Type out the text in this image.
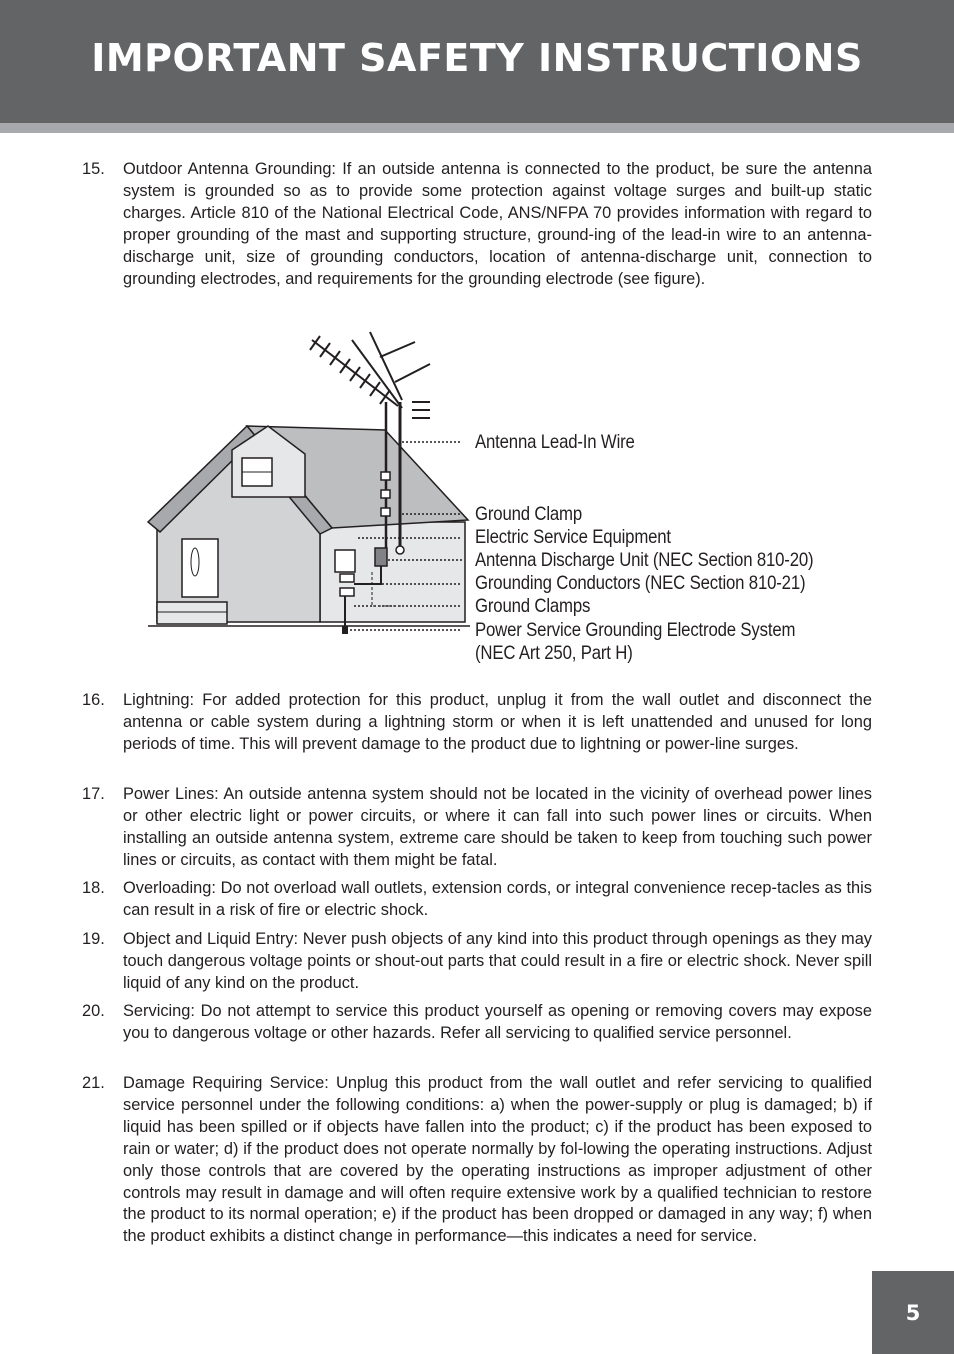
IMPORTANT SAFETY INSTRUCTIONS
15.	Outdoor Antenna Grounding: If an outside antenna is connected to the product, be sure the antenna system is grounded so as to provide some protection against voltage surges and built-up static charges. Article 810 of the National Electrical Code, ANS/NFPA 70 provides information with regard to proper grounding of the mast and supporting structure, ground-ing of the lead-in wire to an antenna-discharge unit, size of grounding conductors, location of antenna-discharge unit, connection to grounding electrodes, and requirements for the grounding electrode (see figure).
Antenna Lead-In Wire
Ground Clamp
Electric Service Equipment
Antenna Discharge Unit (NEC Section 810-20)
Grounding Conductors (NEC Section 810-21)
Ground Clamps
Power Service Grounding Electrode System
(NEC Art 250, Part H)
16.	Lightning: For added protection for this product, unplug it from the wall outlet and disconnect the antenna or cable system during a lightning storm or when it is left unattended and unused for long periods of time. This will prevent damage to the product due to lightning or power-line surges.
17.	Power Lines: An outside antenna system should not be located in the vicinity of overhead power lines or other electric light or power circuits, or where it can fall into such power lines or circuits. When installing an outside antenna system, extreme care should be taken to keep from touching such power lines or circuits, as contact with them might be fatal.
18.	Overloading: Do not overload wall outlets, extension cords, or integral convenience recep-tacles as this can result in a risk of fire or electric shock.
19.	Object and Liquid Entry: Never push objects of any kind into this product through openings as they may touch dangerous voltage points or shout-out parts that could result in a fire or electric shock. Never spill liquid of any kind on the product.
20.	Servicing: Do not attempt to service this product yourself as opening or removing covers may expose you to dangerous voltage or other hazards. Refer all servicing to qualified service personnel.
21.	Damage Requiring Service: Unplug this product from the wall outlet and refer servicing to qualified service personnel under the following conditions: a) when the power-supply or plug is damaged; b) if liquid has been spilled or if objects have fallen into the product; c) if the product has been exposed to rain or water; d) if the product does not operate normally by fol-lowing the operating instructions. Adjust only those controls that are covered by the operating instructions as improper adjustment of other controls may result in damage and will often require extensive work by a qualified technician to restore the product to its normal operation; e) if the product has been dropped or damaged in any way; f) when the product exhibits a distinct change in performance—this indicates a need for service.
5
